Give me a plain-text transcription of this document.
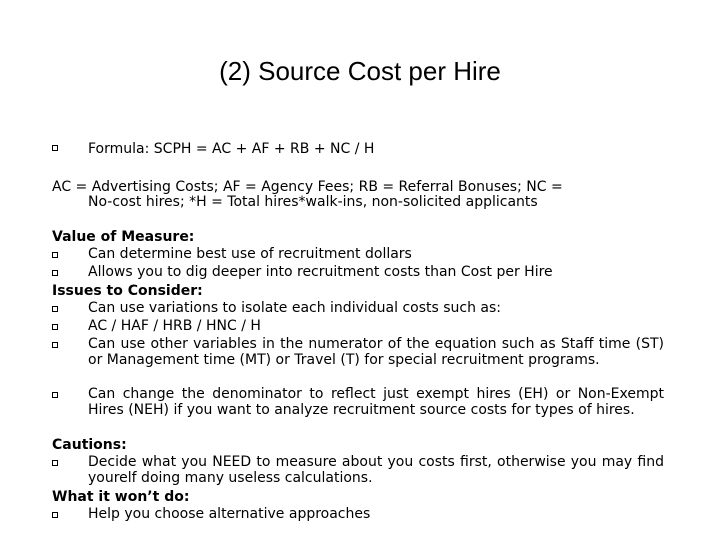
(2) Source Cost per Hire
Formula: SCPH = AC + AF + RB + NC / H
AC = Advertising Costs; AF = Agency Fees; RB = Referral Bonuses; NC =
No-cost hires; *H = Total hires*walk-ins, non-solicited applicants
Value of Measure:
Can determine best use of recruitment dollars
Allows you to dig deeper into recruitment costs than Cost per Hire
Issues to Consider:
Can use variations to isolate each individual costs such as:
AC / HAF / HRB / HNC / H
Can use other variables in the numerator of the equation such as Staff time (ST) or Management time (MT) or Travel (T) for special recruitment programs.
Can change the denominator to reflect just exempt hires (EH) or Non-Exempt Hires (NEH) if you want to analyze recruitment source costs for types of hires.
Cautions:
Decide what you NEED to measure about you costs first, otherwise you may find yourelf doing many useless calculations.
What it won’t do:
Help you choose alternative approaches
